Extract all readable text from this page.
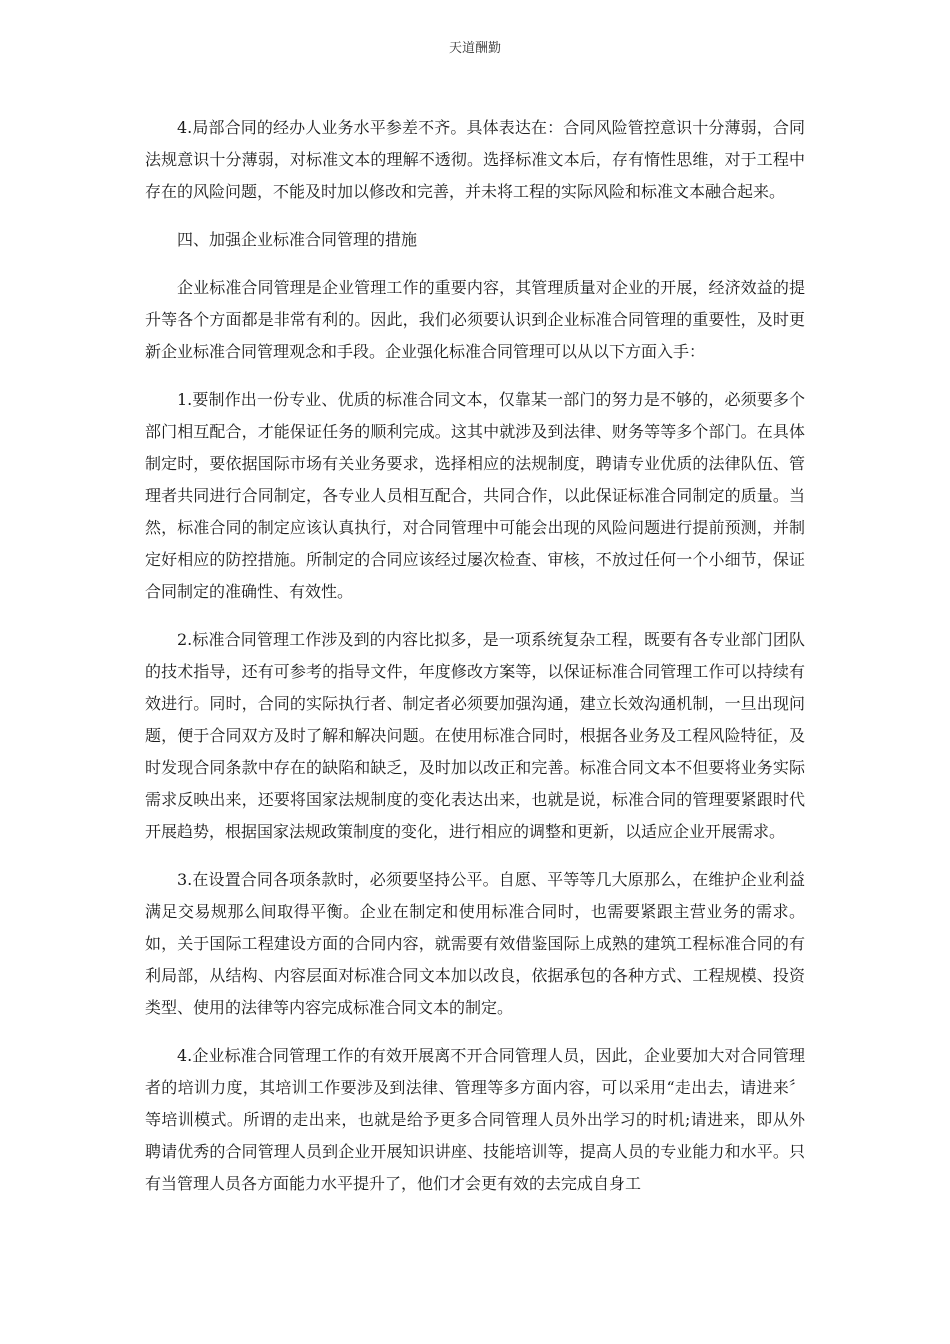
天道酬勤

4.局部合同的经办人业务水平参差不齐。具体表达在：合同风险管控意识十分薄弱，合同法规意识十分薄弱，对标准文本的理解不透彻。选择标准文本后，存有惰性思维，对于工程中存在的风险问题，不能及时加以修改和完善，并未将工程的实际风险和标准文本融合起来。

四、加强企业标准合同管理的措施

企业标准合同管理是企业管理工作的重要内容，其管理质量对企业的开展，经济效益的提升等各个方面都是非常有利的。因此，我们必须要认识到企业标准合同管理的重要性，及时更新企业标准合同管理观念和手段。企业强化标准合同管理可以从以下方面入手：

1.要制作出一份专业、优质的标准合同文本，仅靠某一部门的努力是不够的，必须要多个部门相互配合，才能保证任务的顺利完成。这其中就涉及到法律、财务等等多个部门。在具体制定时，要依据国际市场有关业务要求，选择相应的法规制度，聘请专业优质的法律队伍、管理者共同进行合同制定，各专业人员相互配合，共同合作，以此保证标准合同制定的质量。当然，标准合同的制定应该认真执行，对合同管理中可能会出现的风险问题进行提前预测，并制定好相应的防控措施。所制定的合同应该经过屡次检查、审核，不放过任何一个小细节，保证合同制定的准确性、有效性。

2.标准合同管理工作涉及到的内容比拟多，是一项系统复杂工程，既要有各专业部门团队的技术指导，还有可参考的指导文件，年度修改方案等，以保证标准合同管理工作可以持续有效进行。同时，合同的实际执行者、制定者必须要加强沟通，建立长效沟通机制，一旦出现问题，便于合同双方及时了解和解决问题。在使用标准合同时，根据各业务及工程风险特征，及时发现合同条款中存在的缺陷和缺乏，及时加以改正和完善。标准合同文本不但要将业务实际需求反映出来，还要将国家法规制度的变化表达出来，也就是说，标准合同的管理要紧跟时代开展趋势，根据国家法规政策制度的变化，进行相应的调整和更新，以适应企业开展需求。

3.在设置合同各项条款时，必须要坚持公平。自愿、平等等几大原那么，在维护企业利益满足交易规那么间取得平衡。企业在制定和使用标准合同时，也需要紧跟主营业务的需求。如，关于国际工程建设方面的合同内容，就需要有效借鉴国际上成熟的建筑工程标准合同的有利局部，从结构、内容层面对标准合同文本加以改良，依据承包的各种方式、工程规模、投资类型、使用的法律等内容完成标准合同文本的制定。

4.企业标准合同管理工作的有效开展离不开合同管理人员，因此，企业要加大对合同管理者的培训力度，其培训工作要涉及到法律、管理等多方面内容，可以采用“走出去，请进来〞等培训模式。所谓的走出来，也就是给予更多合同管理人员外出学习的时机;请进来，即从外聘请优秀的合同管理人员到企业开展知识讲座、技能培训等，提高人员的专业能力和水平。只有当管理人员各方面能力水平提升了，他们才会更有效的去完成自身工
